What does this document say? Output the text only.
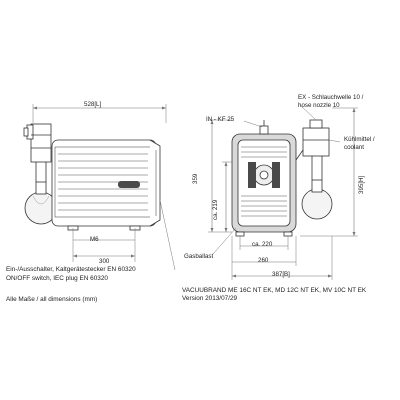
528[L]
M6
300
IN - KF 25
EX - Schlauchwelle 10 /
hose nozzle 10
Kühlmittel /
coolant
359
ca. 219
395[H]
ca. 220
Gasballast
260
387[B]
Ein-/Ausschalter, Kaltgerätestecker EN 60320
ON/OFF switch, IEC plug EN 60320
Alle Maße / all dimensions (mm)
VACUUBRAND ME 16C NT EK, MD 12C NT EK, MV 10C NT EK
Version 2013/07/29
